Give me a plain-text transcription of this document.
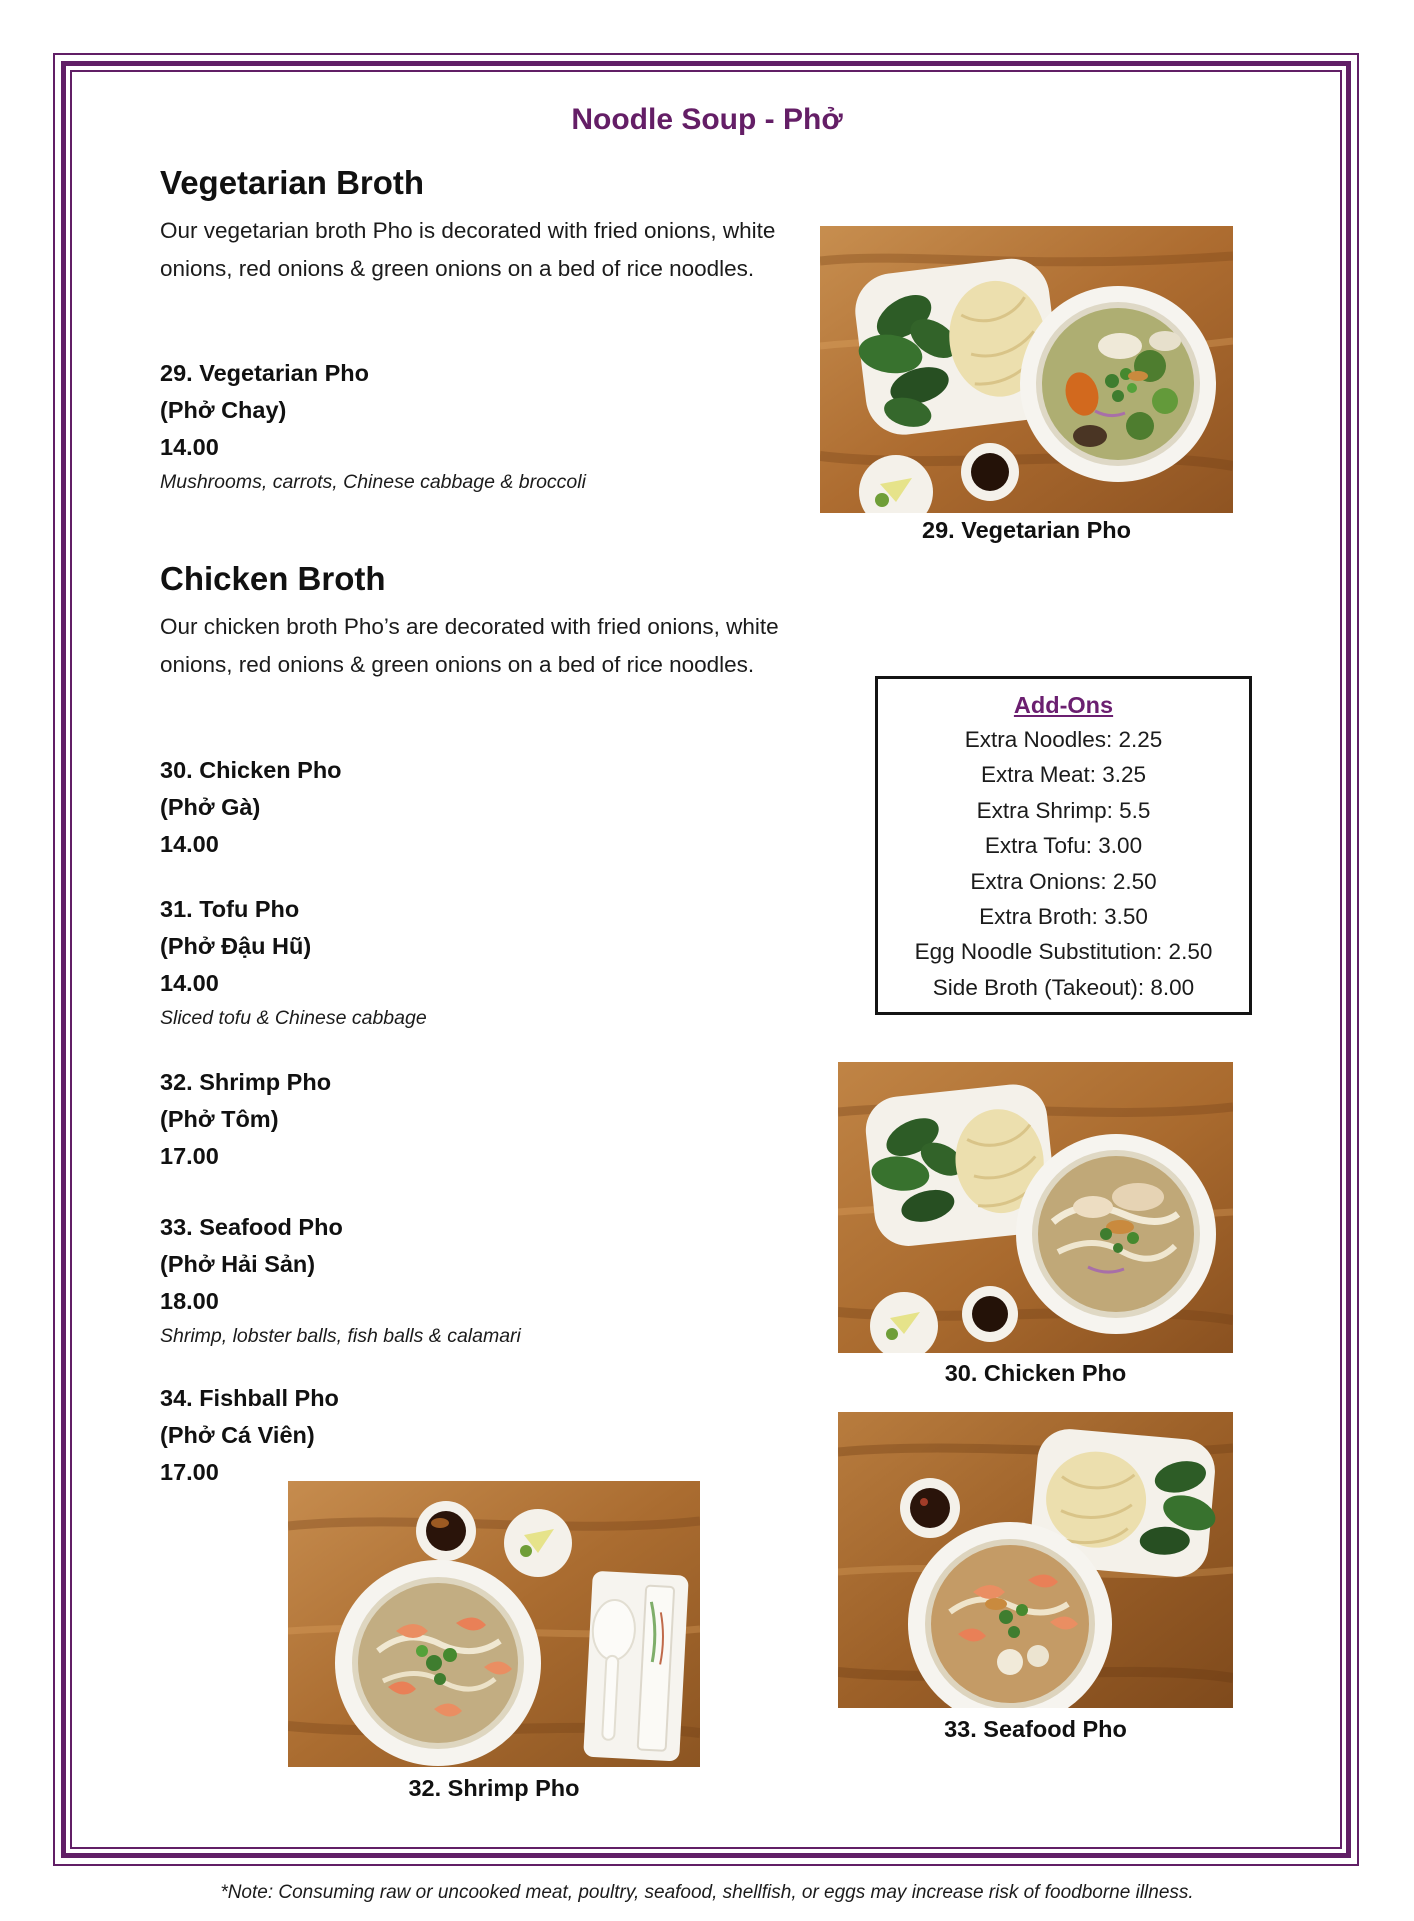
Noodle Soup - Phở
Vegetarian Broth
Our vegetarian broth Pho is decorated with fried onions, white onions, red onions & green onions on a bed of rice noodles.
29. Vegetarian Pho
(Phở Chay)
14.00
Mushrooms, carrots, Chinese cabbage & broccoli
Chicken Broth
Our chicken broth Pho’s are decorated with fried onions, white onions, red onions & green onions on a bed of rice noodles.
30. Chicken Pho
(Phở Gà)
14.00
31. Tofu Pho
(Phở Đậu Hũ)
14.00
Sliced tofu & Chinese cabbage
32. Shrimp Pho
(Phở Tôm)
17.00
33. Seafood Pho
(Phở Hải Sản)
18.00
Shrimp, lobster balls, fish balls & calamari
34. Fishball Pho
(Phở Cá Viên)
17.00
29. Vegetarian Pho
Add-Ons
Extra Noodles: 2.25
Extra Meat: 3.25
Extra Shrimp: 5.5
Extra Tofu: 3.00
Extra Onions: 2.50
Extra Broth: 3.50
Egg Noodle Substitution: 2.50
Side Broth (Takeout): 8.00
30. Chicken Pho
33. Seafood Pho
32. Shrimp Pho
*Note: Consuming raw or uncooked meat, poultry, seafood, shellfish, or eggs may increase risk of foodborne illness.
